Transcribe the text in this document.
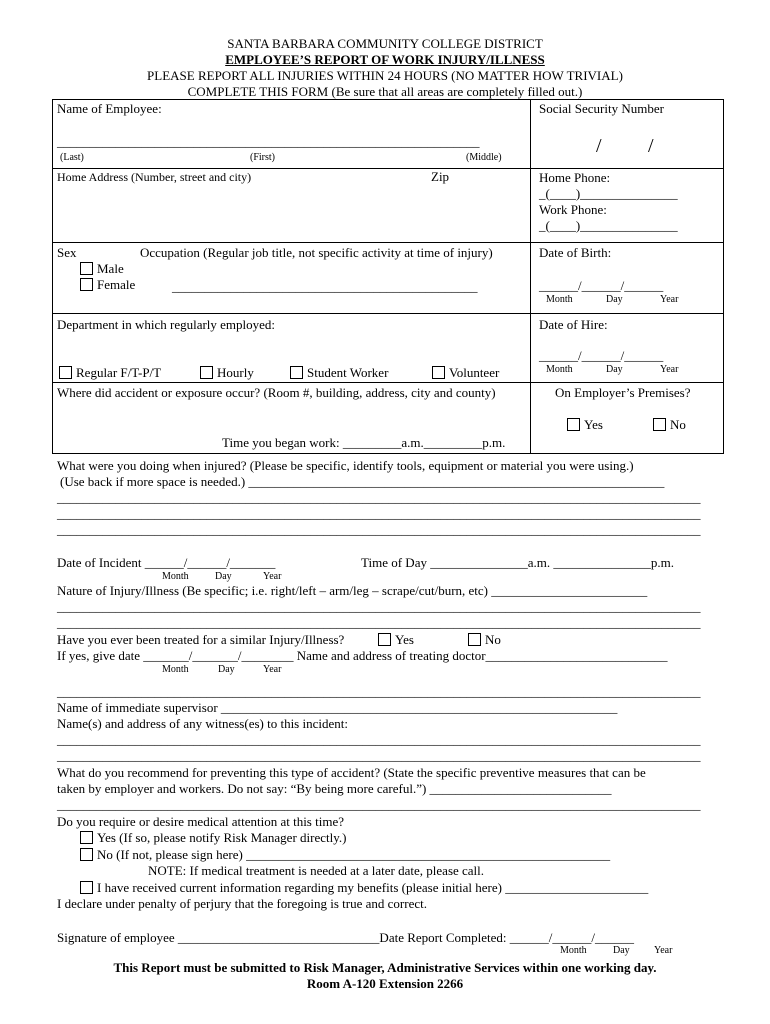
SANTA BARBARA COMMUNITY COLLEGE DISTRICT
EMPLOYEE’S REPORT OF WORK INJURY/ILLNESS
PLEASE REPORT ALL INJURIES WITHIN 24 HOURS (NO MATTER HOW TRIVIAL)
COMPLETE THIS FORM (Be sure that all areas are completely filled out.)
Name of Employee:
_________________________________________________________________
(Last)	(First)	(Middle)
Social Security Number
/ /
Home Address (Number, street and city)	Zip	Home Phone:
_(____)_______________
Work Phone:
_(____)_______________
Sex	Occupation (Regular job title, not specific activity at time of injury)
Male
Female	_______________________________________________
Date of Birth:
______/______/______
Month	Day	Year
Department in which regularly employed:	Date of Hire:
______/______/______
Month	Day	Year
Regular F/T-P/T	Hourly	Student Worker	Volunteer
Where did accident or exposure occur? (Room #, building, address, city and county)	On Employer’s Premises?
Yes	No
Time you began work: _________a.m._________p.m.
What were you doing when injured? (Please be specific, identify tools, equipment or material you were using.)
(Use back if more space is needed.) ________________________________________________________________
___________________________________________________________________________________________________
___________________________________________________________________________________________________
___________________________________________________________________________________________________
Date of Incident ______/______/_______
Month	Day	Year
Time of Day _______________a.m. _______________p.m.
Nature of Injury/Illness (Be specific; i.e. right/left – arm/leg – scrape/cut/burn, etc) ________________________
___________________________________________________________________________________________________
___________________________________________________________________________________________________
Have you ever been treated for a similar Injury/Illness?	Yes	No
If yes, give date _______/_______/________ Name and address of treating doctor____________________________
Month	Day	Year
___________________________________________________________________________________________________
Name of immediate supervisor _____________________________________________________________
Name(s) and address of any witness(es) to this incident:
___________________________________________________________________________________________________
___________________________________________________________________________________________________
What do you recommend for preventing this type of accident? (State the specific preventive measures that can be
taken by employer and workers. Do not say: “By being more careful.”) ____________________________
___________________________________________________________________________________________________
Do you require or desire medical attention at this time?
Yes (If so, please notify Risk Manager directly.)
No (If not, please sign here) ________________________________________________________
NOTE: If medical treatment is needed at a later date, please call.
I have received current information regarding my benefits (please initial here) ______________________
I declare under penalty of perjury that the foregoing is true and correct.
Signature of employee _______________________________Date Report Completed: ______/______/______
Month	Day Year
This Report must be submitted to Risk Manager, Administrative Services within one working day.
Room A-120 Extension 2266
